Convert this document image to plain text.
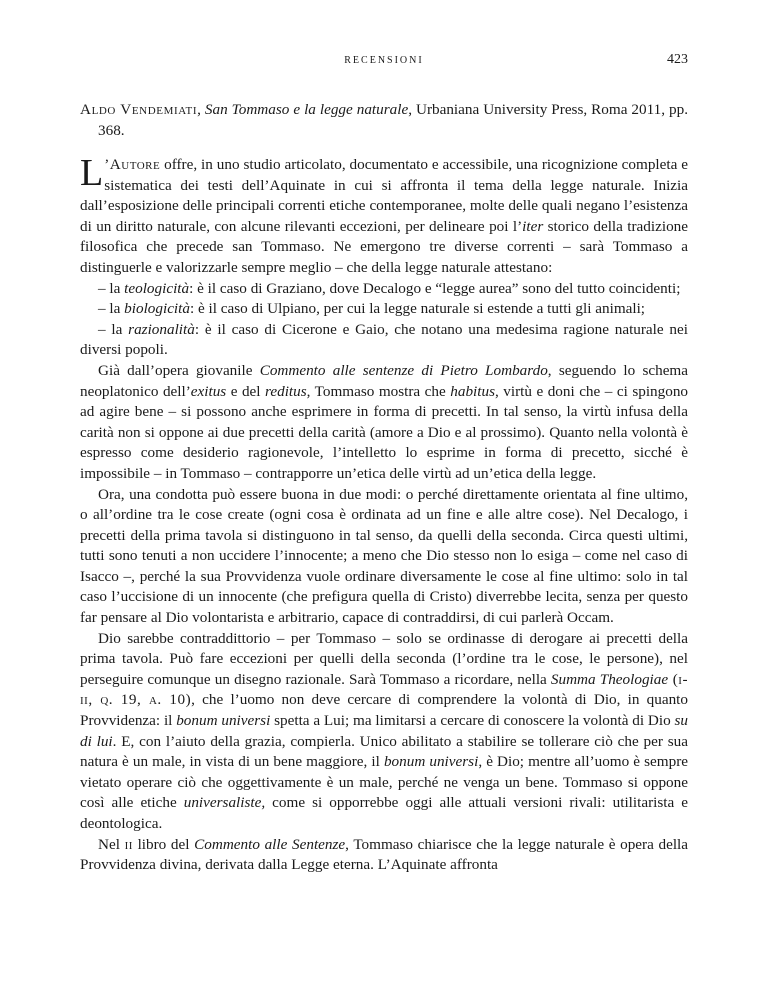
recensioni	423

Aldo Vendemiati, San Tommaso e la legge naturale, Urbaniana University Press, Roma 2011, pp. 368.

L ’Autore offre, in uno studio articolato, documentato e accessibile, una ricognizione completa e sistematica dei testi dell’Aquinate in cui si affronta il tema della legge naturale. Inizia dall’esposizione delle principali correnti etiche contemporanee, molte delle quali negano l’esistenza di un diritto naturale, con alcune rilevanti eccezioni, per delineare poi l’iter storico della tradizione filosofica che precede san Tommaso. Ne emergono tre diverse correnti – sarà Tommaso a distinguerle e valorizzarle sempre meglio – che della legge naturale attestano:

– la teologicità: è il caso di Graziano, dove Decalogo e “legge aurea” sono del tutto coincidenti;

– la biologicità: è il caso di Ulpiano, per cui la legge naturale si estende a tutti gli animali;

– la razionalità: è il caso di Cicerone e Gaio, che notano una medesima ragione naturale nei diversi popoli.

Già dall’opera giovanile Commento alle sentenze di Pietro Lombardo, seguendo lo schema neoplatonico dell’exitus e del reditus, Tommaso mostra che habitus, virtù e doni che – ci spingono ad agire bene – si possono anche esprimere in forma di precetti. In tal senso, la virtù infusa della carità non si oppone ai due precetti della carità (amore a Dio e al prossimo). Quanto nella volontà è espresso come desiderio ragionevole, l’intelletto lo esprime in forma di precetto, sicché è impossibile – in Tommaso – contrapporre un’etica delle virtù ad un’etica della legge.

Ora, una condotta può essere buona in due modi: o perché direttamente orientata al fine ultimo, o all’ordine tra le cose create (ogni cosa è ordinata ad un fine e alle altre cose). Nel Decalogo, i precetti della prima tavola si distinguono in tal senso, da quelli della seconda. Circa questi ultimi, tutti sono tenuti a non uccidere l’innocente; a meno che Dio stesso non lo esiga – come nel caso di Isacco –, perché la sua Provvidenza vuole ordinare diversamente le cose al fine ultimo: solo in tal caso l’uccisione di un innocente (che prefigura quella di Cristo) diverrebbe lecita, senza per questo far pensare al Dio volontarista e arbitrario, capace di contraddirsi, di cui parlerà Occam.

Dio sarebbe contraddittorio – per Tommaso – solo se ordinasse di derogare ai precetti della prima tavola. Può fare eccezioni per quelli della seconda (l’ordine tra le cose, le persone), nel perseguire comunque un disegno razionale. Sarà Tommaso a ricordare, nella Summa Theologiae (i-ii, q. 19, a. 10), che l’uomo non deve cercare di comprendere la volontà di Dio, in quanto Provvidenza: il bonum universi spetta a Lui; ma limitarsi a cercare di conoscere la volontà di Dio su di lui. E, con l’aiuto della grazia, compierla. Unico abilitato a stabilire se tollerare ciò che per sua natura è un male, in vista di un bene maggiore, il bonum universi, è Dio; mentre all’uomo è sempre vietato operare ciò che oggettivamente è un male, perché ne venga un bene. Tommaso si oppone così alle etiche universaliste, come si opporrebbe oggi alle attuali versioni rivali: utilitarista e deontologica.

Nel ii libro del Commento alle Sentenze, Tommaso chiarisce che la legge naturale è opera della Provvidenza divina, derivata dalla Legge eterna. L’Aquinate affronta
